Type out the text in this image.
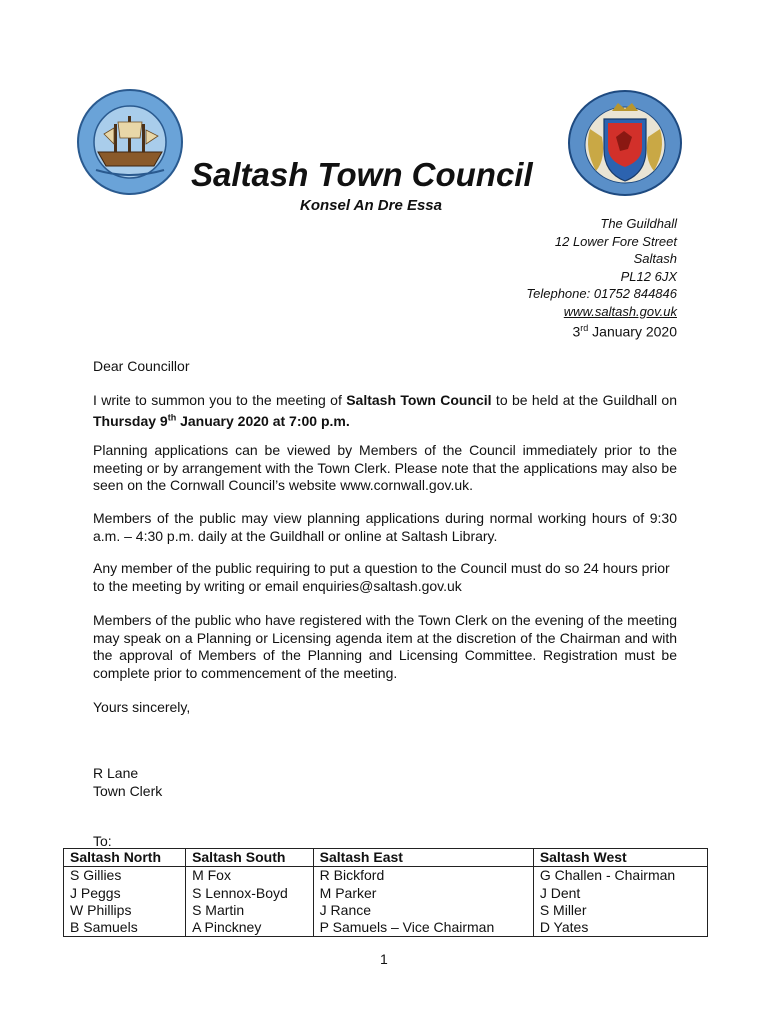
Saltash Town Council
Konsel An Dre Essa
The Guildhall
12 Lower Fore Street
Saltash
PL12 6JX
Telephone: 01752 844846
www.saltash.gov.uk
3rd January 2020
Dear Councillor
I write to summon you to the meeting of Saltash Town Council to be held at the Guildhall on Thursday 9th January 2020 at 7:00 p.m.
Planning applications can be viewed by Members of the Council immediately prior to the meeting or by arrangement with the Town Clerk. Please note that the applications may also be seen on the Cornwall Council’s website www.cornwall.gov.uk.
Members of the public may view planning applications during normal working hours of 9:30 a.m. – 4:30 p.m. daily at the Guildhall or online at Saltash Library.
Any member of the public requiring to put a question to the Council must do so 24 hours prior to the meeting by writing or email enquiries@saltash.gov.uk
Members of the public who have registered with the Town Clerk on the evening of the meeting may speak on a Planning or Licensing agenda item at the discretion of the Chairman and with the approval of Members of the Planning and Licensing Committee. Registration must be complete prior to commencement of the meeting.
Yours sincerely,
R Lane
Town Clerk
To:
Saltash North	Saltash South	Saltash East	Saltash West
S Gillies	M Fox	R Bickford	G Challen - Chairman
J Peggs	S Lennox-Boyd	M Parker	J Dent
W Phillips	S Martin	J Rance	S Miller
B Samuels	A Pinckney	P Samuels – Vice Chairman	D Yates
1
